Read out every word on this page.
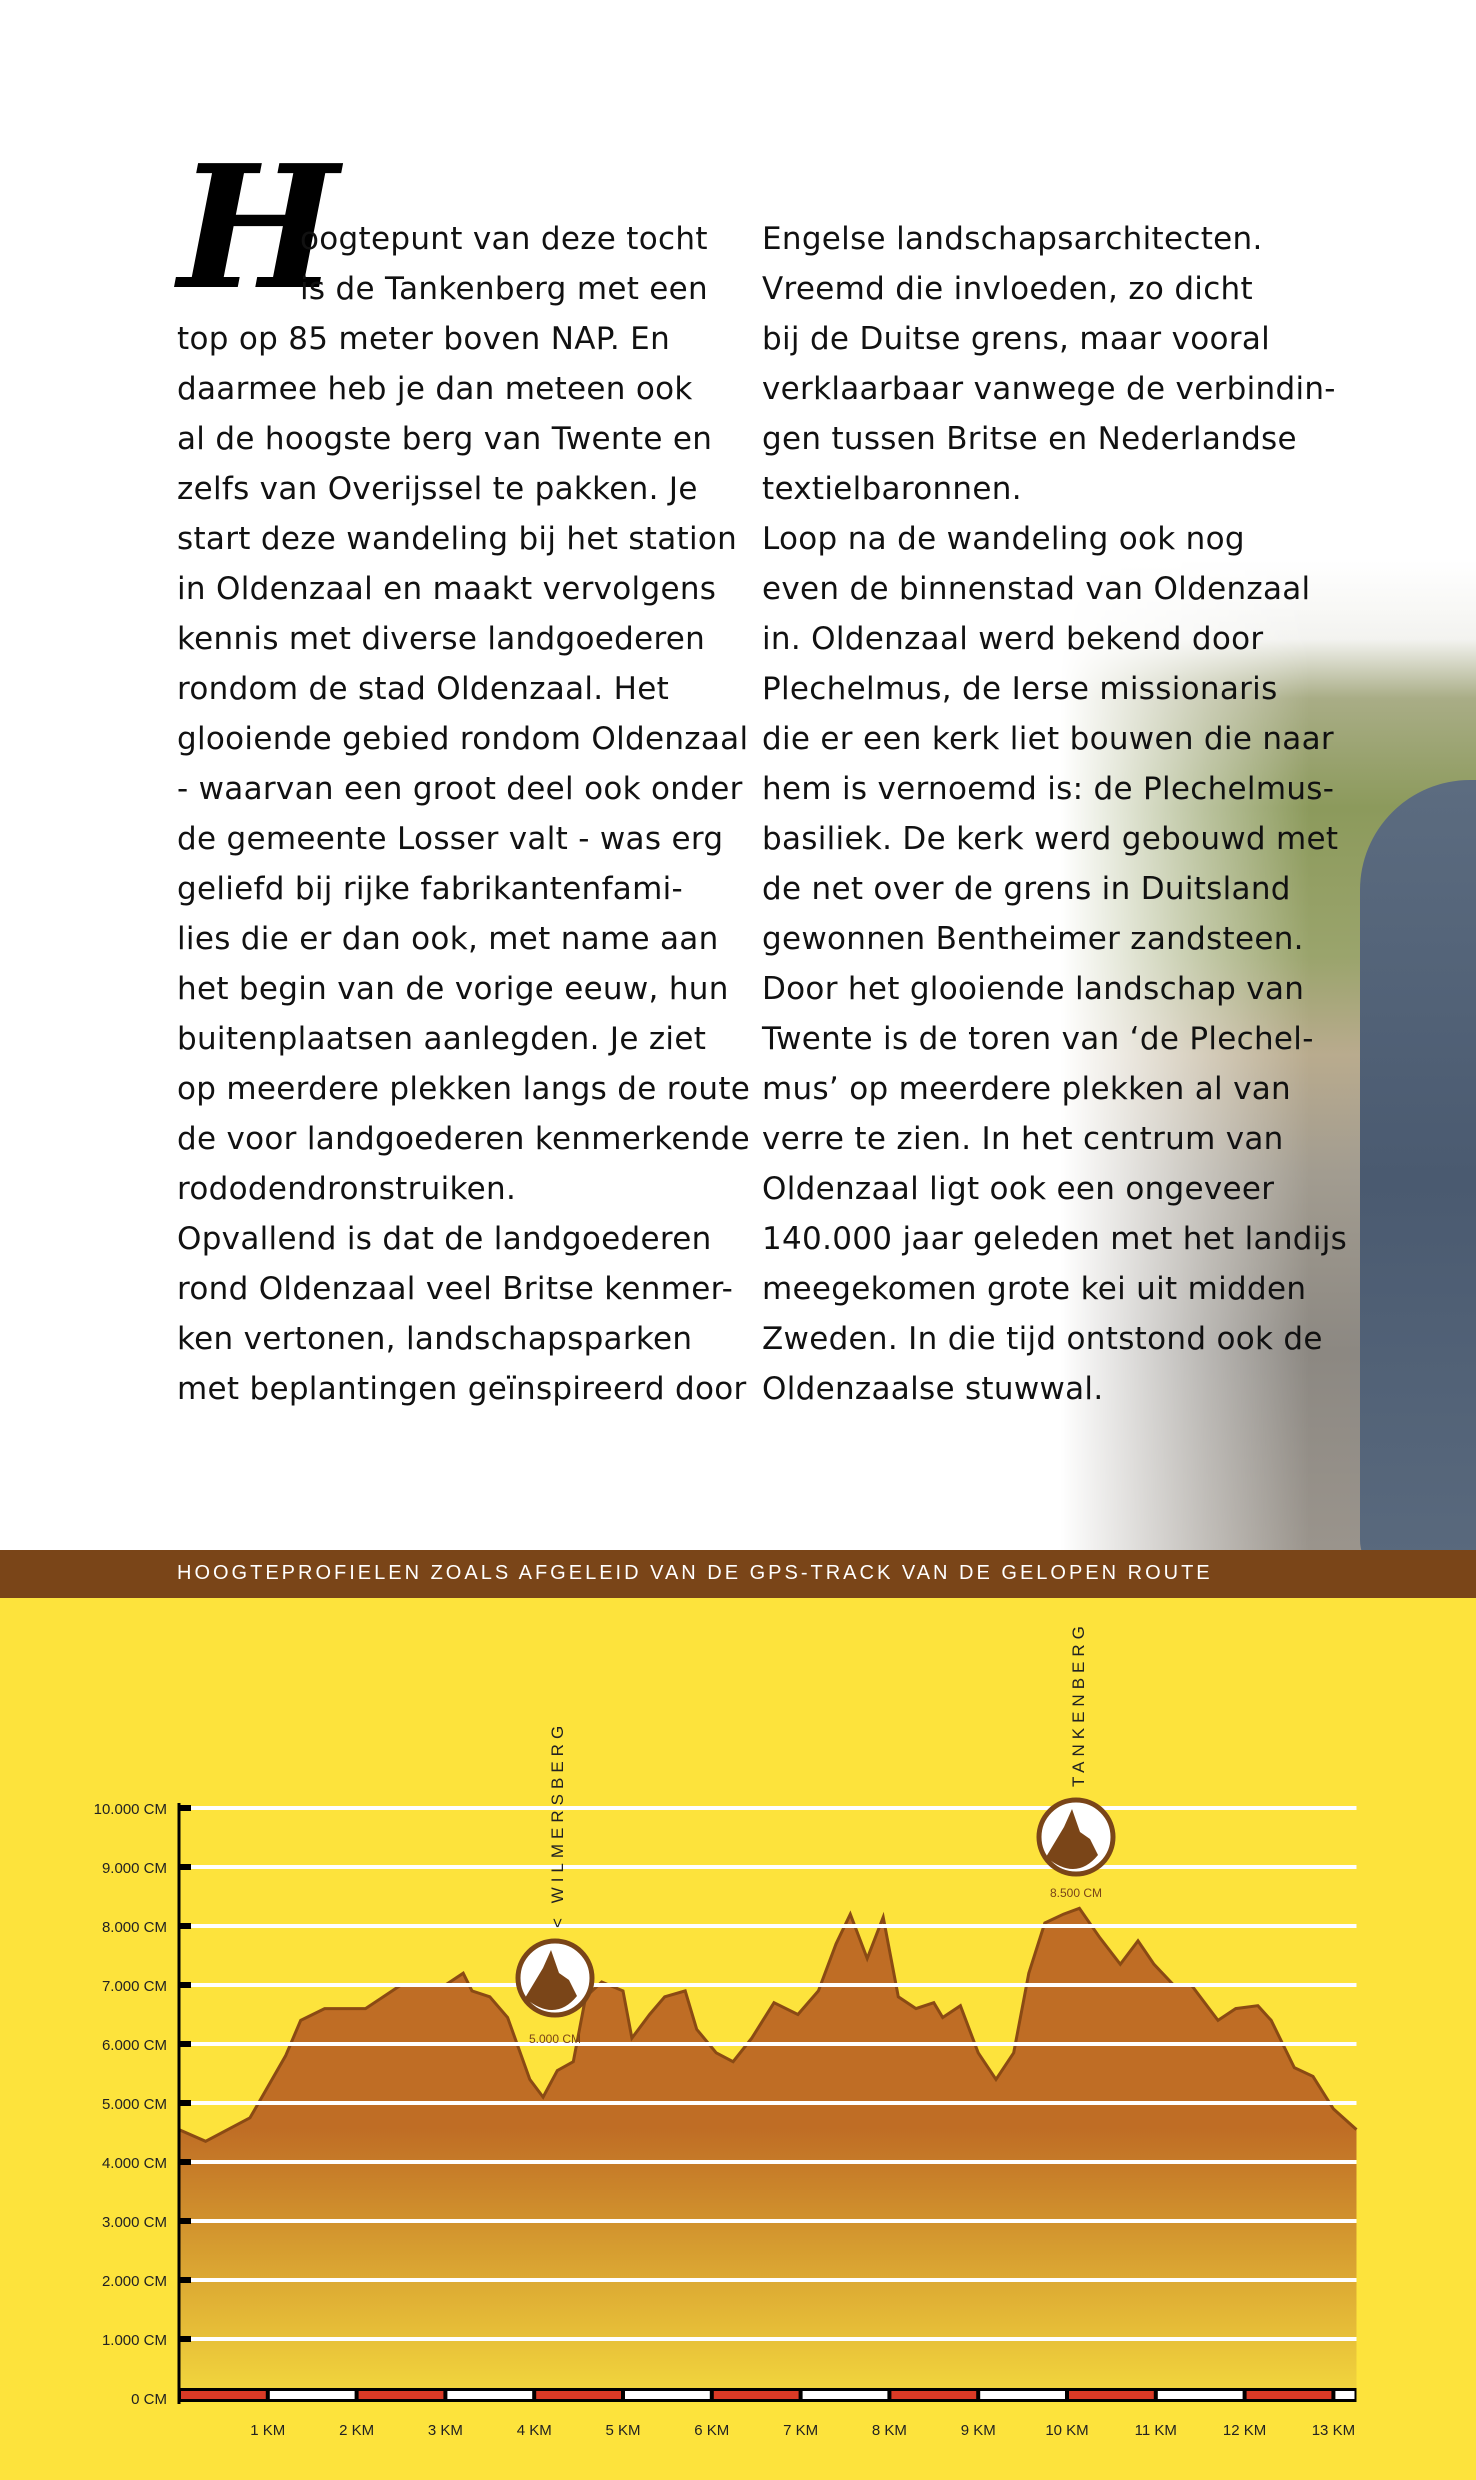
H
oogtepunt van deze tocht
is de Tankenberg met een
top op 85 meter boven NAP. En
daarmee heb je dan meteen ook
al de hoogste berg van Twente en
zelfs van Overijssel te pakken. Je
start deze wandeling bij het station
in Oldenzaal en maakt vervolgens
kennis met diverse landgoederen
rondom de stad Oldenzaal. Het
glooiende gebied rondom Oldenzaal
- waarvan een groot deel ook onder
de gemeente Losser valt - was erg
geliefd bij rijke fabrikantenfami-
lies die er dan ook, met name aan
het begin van de vorige eeuw, hun
buitenplaatsen aanlegden. Je ziet
op meerdere plekken langs de route
de voor landgoederen kenmerkende
rododendronstruiken.
Opvallend is dat de landgoederen
rond Oldenzaal veel Britse kenmer-
ken vertonen, landschapsparken
met beplantingen geïnspireerd door
Engelse landschapsarchitecten.
Vreemd die invloeden, zo dicht
bij de Duitse grens, maar vooral
verklaarbaar vanwege de verbindin-
gen tussen Britse en Nederlandse
textielbaronnen.
Loop na de wandeling ook nog
even de binnenstad van Oldenzaal
in. Oldenzaal werd bekend door
Plechelmus, de Ierse missionaris
die er een kerk liet bouwen die naar
hem is vernoemd is: de Plechelmus-
basiliek. De kerk werd gebouwd met
de net over de grens in Duitsland
gewonnen Bentheimer zandsteen.
Door het glooiende landschap van
Twente is de toren van ‘de Plechel-
mus’ op meerdere plekken al van
verre te zien. In het centrum van
Oldenzaal ligt ook een ongeveer
140.000 jaar geleden met het landijs
meegekomen grote kei uit midden
Zweden. In die tijd ontstond ook de
Oldenzaalse stuwwal.
HOOGTEPROFIELEN ZOALS AFGELEID VAN DE GPS-TRACK VAN DE GELOPEN ROUTE
0 CM
1.000 CM
2.000 CM
3.000 CM
4.000 CM
5.000 CM
6.000 CM
7.000 CM
8.000 CM
9.000 CM
10.000 CM
1 KM	2 KM	3 KM	4 KM	5 KM	6 KM	7 KM	8 KM	9 KM	10 KM	11 KM	12 KM	13 KM
< WILMERSBERG
5.000 CM
TANKENBERG
8.500 CM
